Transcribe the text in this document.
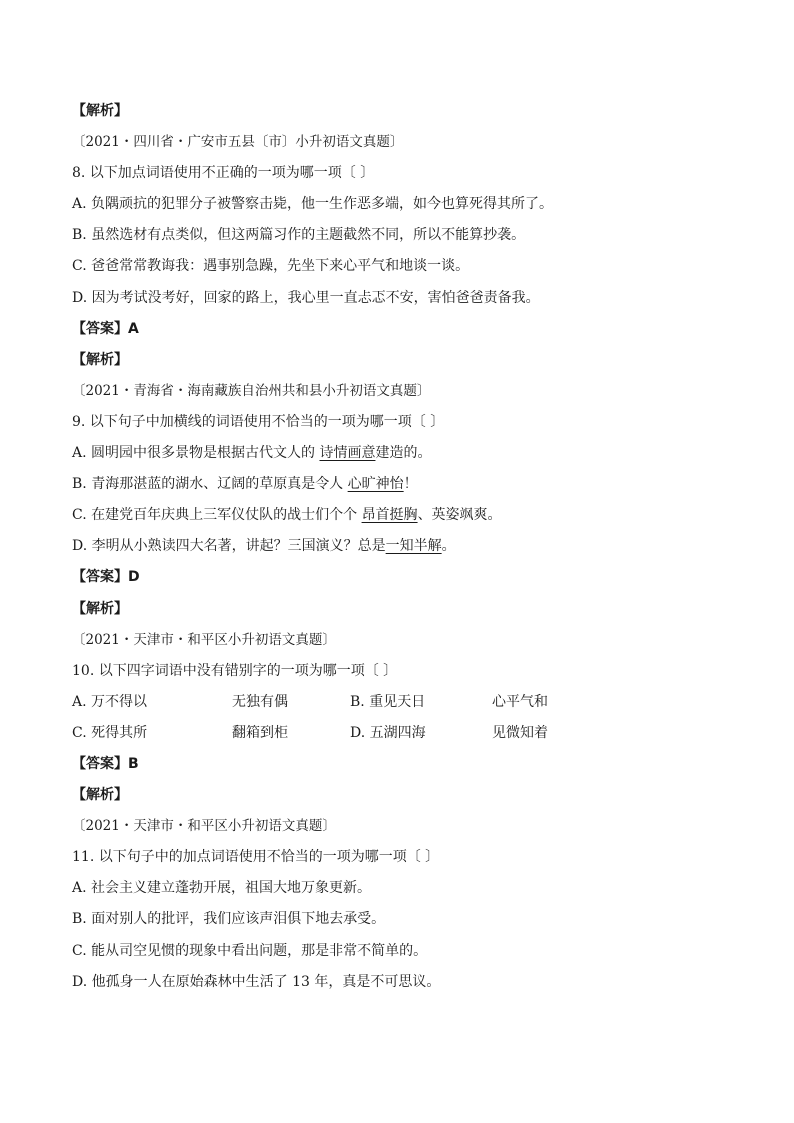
【解析】
〔2021・四川省・广安市五县〔市〕小升初语文真题〕
8. 以下加点词语使用不正确的一项为哪一项〔 〕
A. 负隅顽抗的犯罪分子被警察击毙，他一生作恶多端，如今也算死得其所了。
B. 虽然选材有点类似，但这两篇习作的主题截然不同，所以不能算抄袭。
C. 爸爸常常教诲我：遇事别急躁，先坐下来心平气和地谈一谈。
D. 因为考试没考好，回家的路上，我心里一直忐忑不安，害怕爸爸责备我。
【答案】A
【解析】
〔2021・青海省・海南藏族自治州共和县小升初语文真题〕
9. 以下句子中加横线的词语使用不恰当的一项为哪一项〔 〕
A. 圆明园中很多景物是根据古代文人的 诗情画意建造的。
B. 青海那湛蓝的湖水、辽阔的草原真是令人 心旷神怡！
C. 在建党百年庆典上三军仪仗队的战士们个个 昂首挺胸、英姿飒爽。
D. 李明从小熟读四大名著，讲起？三国演义？总是一知半解。
【答案】D
【解析】
〔2021・天津市・和平区小升初语文真题〕
10. 以下四字词语中没有错别字的一项为哪一项〔 〕
A. 万不得以	无独有偶	B. 重见天日	心平气和
C. 死得其所	翻箱到柜	D. 五湖四海	见微知着
【答案】B
【解析】
〔2021・天津市・和平区小升初语文真题〕
11. 以下句子中的加点词语使用不恰当的一项为哪一项〔 〕
A. 社会主义建立蓬勃开展，祖国大地万象更新。
B. 面对别人的批评，我们应该声泪俱下地去承受。
C. 能从司空见惯的现象中看出问题，那是非常不简单的。
D. 他孤身一人在原始森林中生活了 13 年，真是不可思议。
